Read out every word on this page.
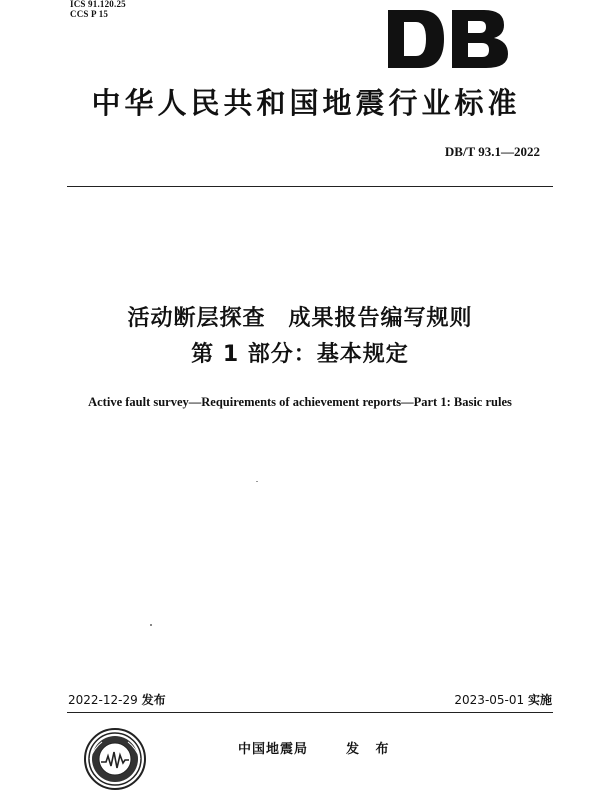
ICS 91.120.25
CCS P 15
中华人民共和国地震行业标准
DB/T 93.1—2022
活动断层探查　成果报告编写规则
第 1 部分：基本规定
Active fault survey—Requirements of achievement reports—Part 1: Basic rules
2022-12-29 发布	2023-05-01 实施
中国地震局	发 布
